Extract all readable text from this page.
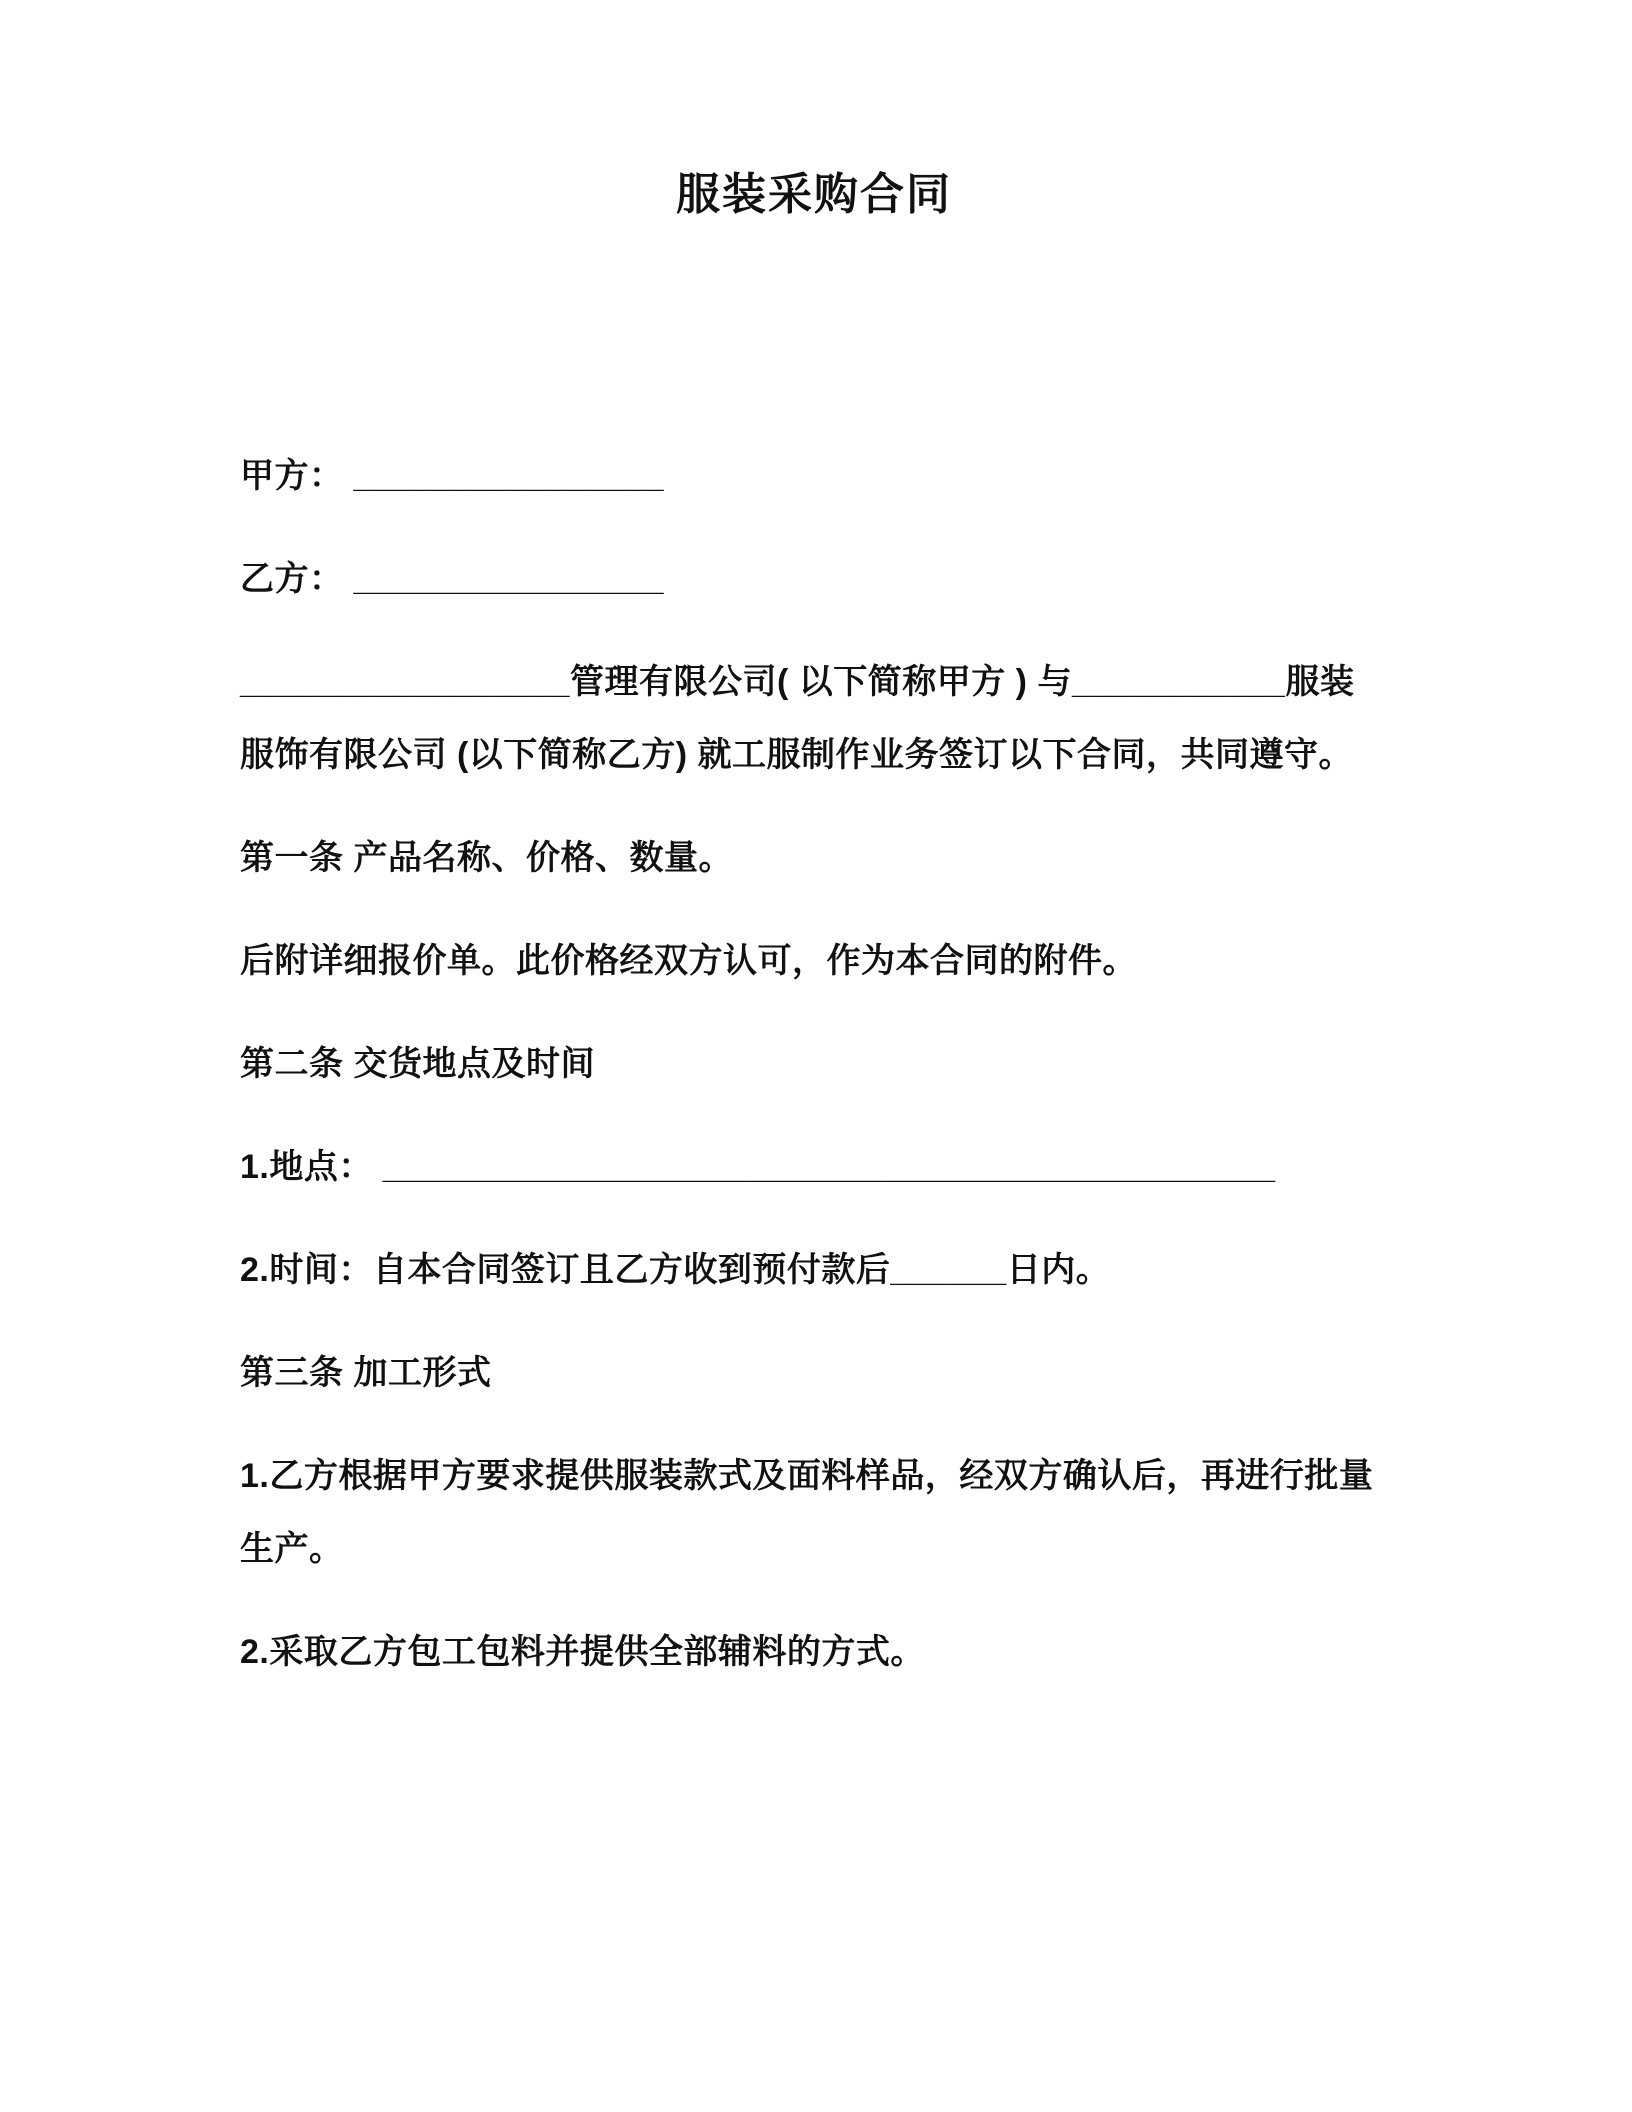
服装采购合同

甲方： ________________

乙方： ________________

_________________管理有限公司( 以下简称甲方 ) 与___________服装服饰有限公司 (以下简称乙方) 就工服制作业务签订以下合同，共同遵守。

第一条 产品名称、价格、数量。

后附详细报价单。此价格经双方认可，作为本合同的附件。

第二条 交货地点及时间

1.地点： ______________________________________________

2.时间：自本合同签订且乙方收到预付款后______日内。

第三条 加工形式

1.乙方根据甲方要求提供服装款式及面料样品，经双方确认后，再进行批量生产。

2.采取乙方包工包料并提供全部辅料的方式。
